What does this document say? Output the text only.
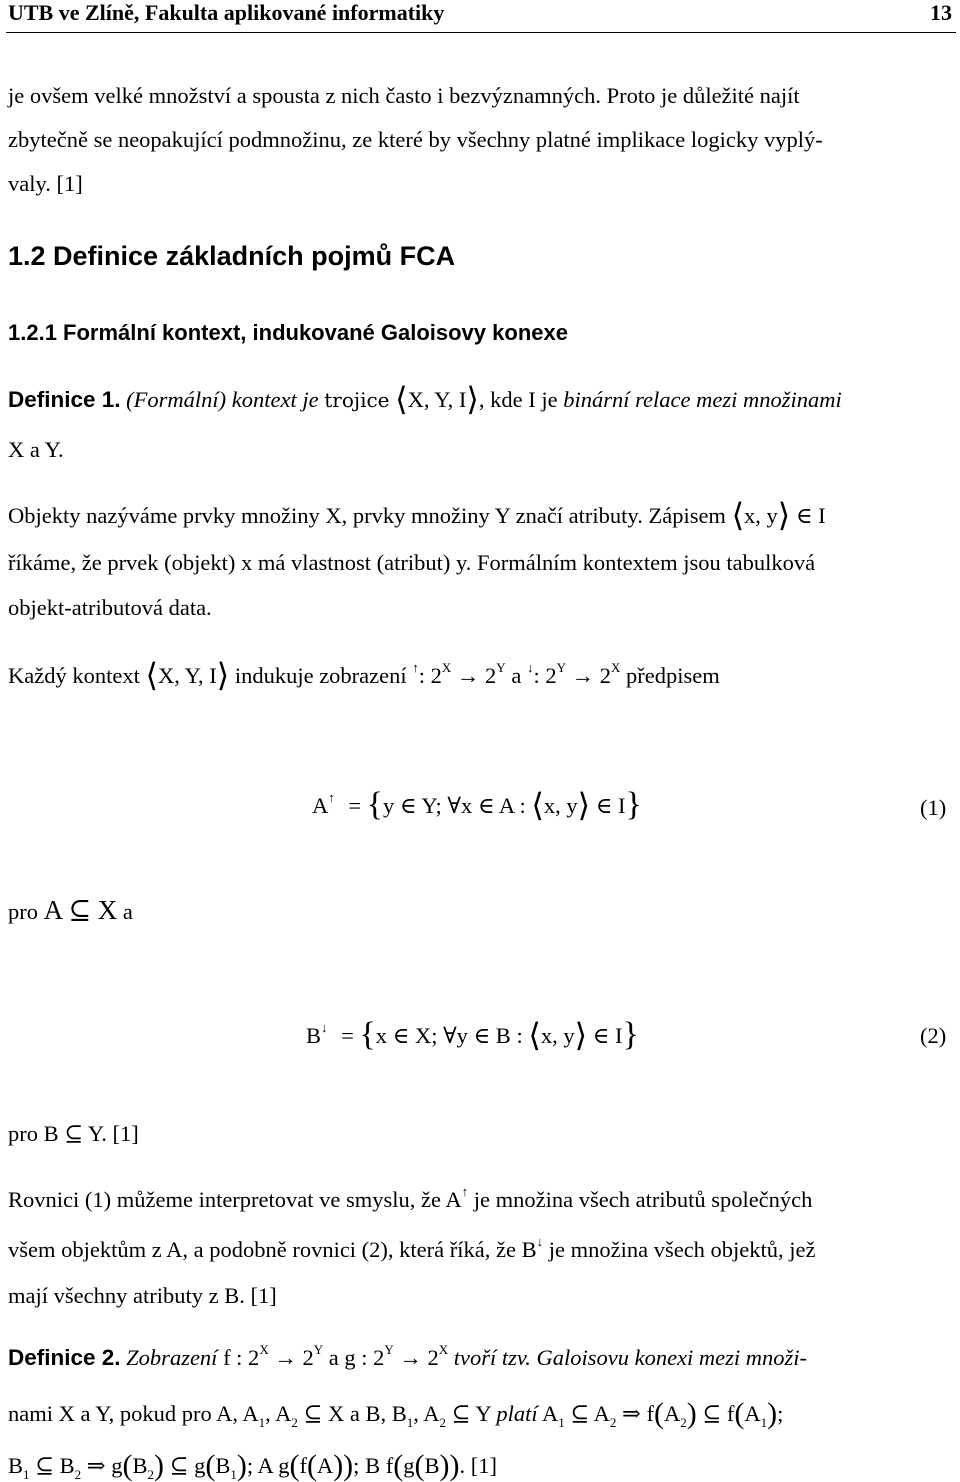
UTB ve Zlíně, Fakulta aplikované informatiky	13
je ovšem velké množství a spousta z nich často i bezvýznamných. Proto je důležité najít
zbytečně se neopakující podmnožinu, ze které by všechny platné implikace logicky vyplý-
valy. [1]
1.2 Definice základních pojmů FCA
1.2.1 Formální kontext, indukované Galoisovy konexe
Definice 1. (Formální) kontext je trojice ⟨X, Y, I⟩, kde I je binární relace mezi množinami
X a Y.
Objekty nazýváme prvky množiny X, prvky množiny Y značí atributy. Zápisem ⟨x, y⟩ ∈ I
říkáme, že prvek (objekt) x má vlastnost (atribut) y. Formálním kontextem jsou tabulková
objekt-atributová data.
Každý kontext ⟨X, Y, I⟩ indukuje zobrazení ↑: $2^X \to 2^Y$ a ↓: $2^Y \to 2^X$ předpisem
A↑ = {y ∈ Y; ∀x ∈ A : ⟨x, y⟩ ∈ I}	(1)
pro A ⊆ X a
B↓ = {x ∈ X; ∀y ∈ B : ⟨x, y⟩ ∈ I}	(2)
pro B ⊆ Y. [1]
Rovnici (1) můžeme interpretovat ve smyslu, že A↑ je množina všech atributů společných
všem objektům z A, a podobně rovnici (2), která říká, že B↓ je množina všech objektů, jež
mají všechny atributy z B. [1]
Definice 2. Zobrazení f : $2^X \to 2^Y$ a g : $2^Y \to 2^X$ tvoří tzv. Galoisovu konexi mezi množi-
nami X a Y, pokud pro A, $A_1$, $A_2$ ⊆ X a B, $B_1$, $A_2$ ⊆ Y platí $A_1$ ⊆ $A_2$ ⇒ $f(A_2)$ ⊆ $f(A_1)$;
$B_1$ ⊆ $B_2$ ⇒ $g(B_2)$ ⊆ $g(B_1)$; A g(f(A)); B f(g(B)). [1]
